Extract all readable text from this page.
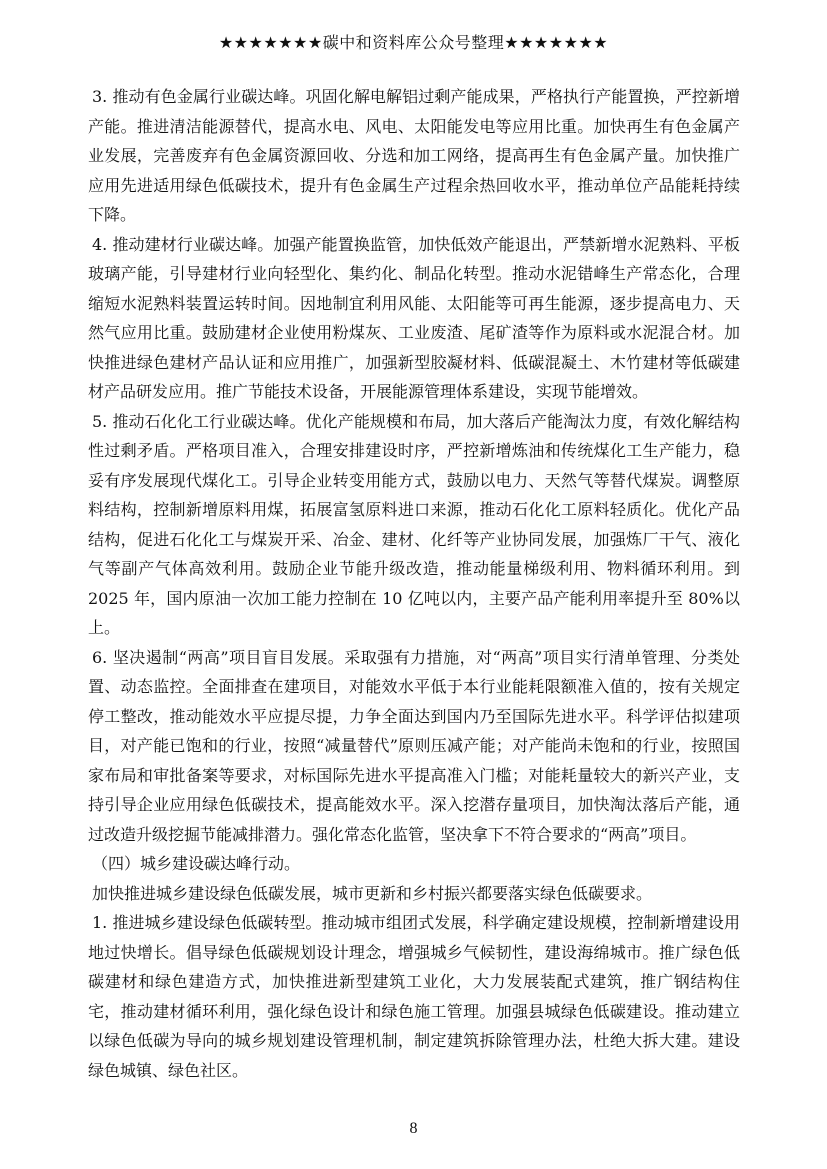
★★★★★★★碳中和资料库公众号整理★★★★★★★

3. 推动有色金属行业碳达峰。巩固化解电解铝过剩产能成果，严格执行产能置换，严控新增产能。推进清洁能源替代，提高水电、风电、太阳能发电等应用比重。加快再生有色金属产业发展，完善废弃有色金属资源回收、分选和加工网络，提高再生有色金属产量。加快推广应用先进适用绿色低碳技术，提升有色金属生产过程余热回收水平，推动单位产品能耗持续下降。

4. 推动建材行业碳达峰。加强产能置换监管，加快低效产能退出，严禁新增水泥熟料、平板玻璃产能，引导建材行业向轻型化、集约化、制品化转型。推动水泥错峰生产常态化，合理缩短水泥熟料装置运转时间。因地制宜利用风能、太阳能等可再生能源，逐步提高电力、天然气应用比重。鼓励建材企业使用粉煤灰、工业废渣、尾矿渣等作为原料或水泥混合材。加快推进绿色建材产品认证和应用推广，加强新型胶凝材料、低碳混凝土、木竹建材等低碳建材产品研发应用。推广节能技术设备，开展能源管理体系建设，实现节能增效。

5. 推动石化化工行业碳达峰。优化产能规模和布局，加大落后产能淘汰力度，有效化解结构性过剩矛盾。严格项目准入，合理安排建设时序，严控新增炼油和传统煤化工生产能力，稳妥有序发展现代煤化工。引导企业转变用能方式，鼓励以电力、天然气等替代煤炭。调整原料结构，控制新增原料用煤，拓展富氢原料进口来源，推动石化化工原料轻质化。优化产品结构，促进石化化工与煤炭开采、冶金、建材、化纤等产业协同发展，加强炼厂干气、液化气等副产气体高效利用。鼓励企业节能升级改造，推动能量梯级利用、物料循环利用。到 2025 年，国内原油一次加工能力控制在 10 亿吨以内，主要产品产能利用率提升至 80%以上。

6. 坚决遏制“两高”项目盲目发展。采取强有力措施，对“两高”项目实行清单管理、分类处置、动态监控。全面排查在建项目，对能效水平低于本行业能耗限额准入值的，按有关规定停工整改，推动能效水平应提尽提，力争全面达到国内乃至国际先进水平。科学评估拟建项目，对产能已饱和的行业，按照“减量替代”原则压减产能；对产能尚未饱和的行业，按照国家布局和审批备案等要求，对标国际先进水平提高准入门槛；对能耗量较大的新兴产业，支持引导企业应用绿色低碳技术，提高能效水平。深入挖潜存量项目，加快淘汰落后产能，通过改造升级挖掘节能减排潜力。强化常态化监管，坚决拿下不符合要求的“两高”项目。

（四）城乡建设碳达峰行动。

加快推进城乡建设绿色低碳发展，城市更新和乡村振兴都要落实绿色低碳要求。

1. 推进城乡建设绿色低碳转型。推动城市组团式发展，科学确定建设规模，控制新增建设用地过快增长。倡导绿色低碳规划设计理念，增强城乡气候韧性，建设海绵城市。推广绿色低碳建材和绿色建造方式，加快推进新型建筑工业化，大力发展装配式建筑，推广钢结构住宅，推动建材循环利用，强化绿色设计和绿色施工管理。加强县城绿色低碳建设。推动建立以绿色低碳为导向的城乡规划建设管理机制，制定建筑拆除管理办法，杜绝大拆大建。建设绿色城镇、绿色社区。

8
